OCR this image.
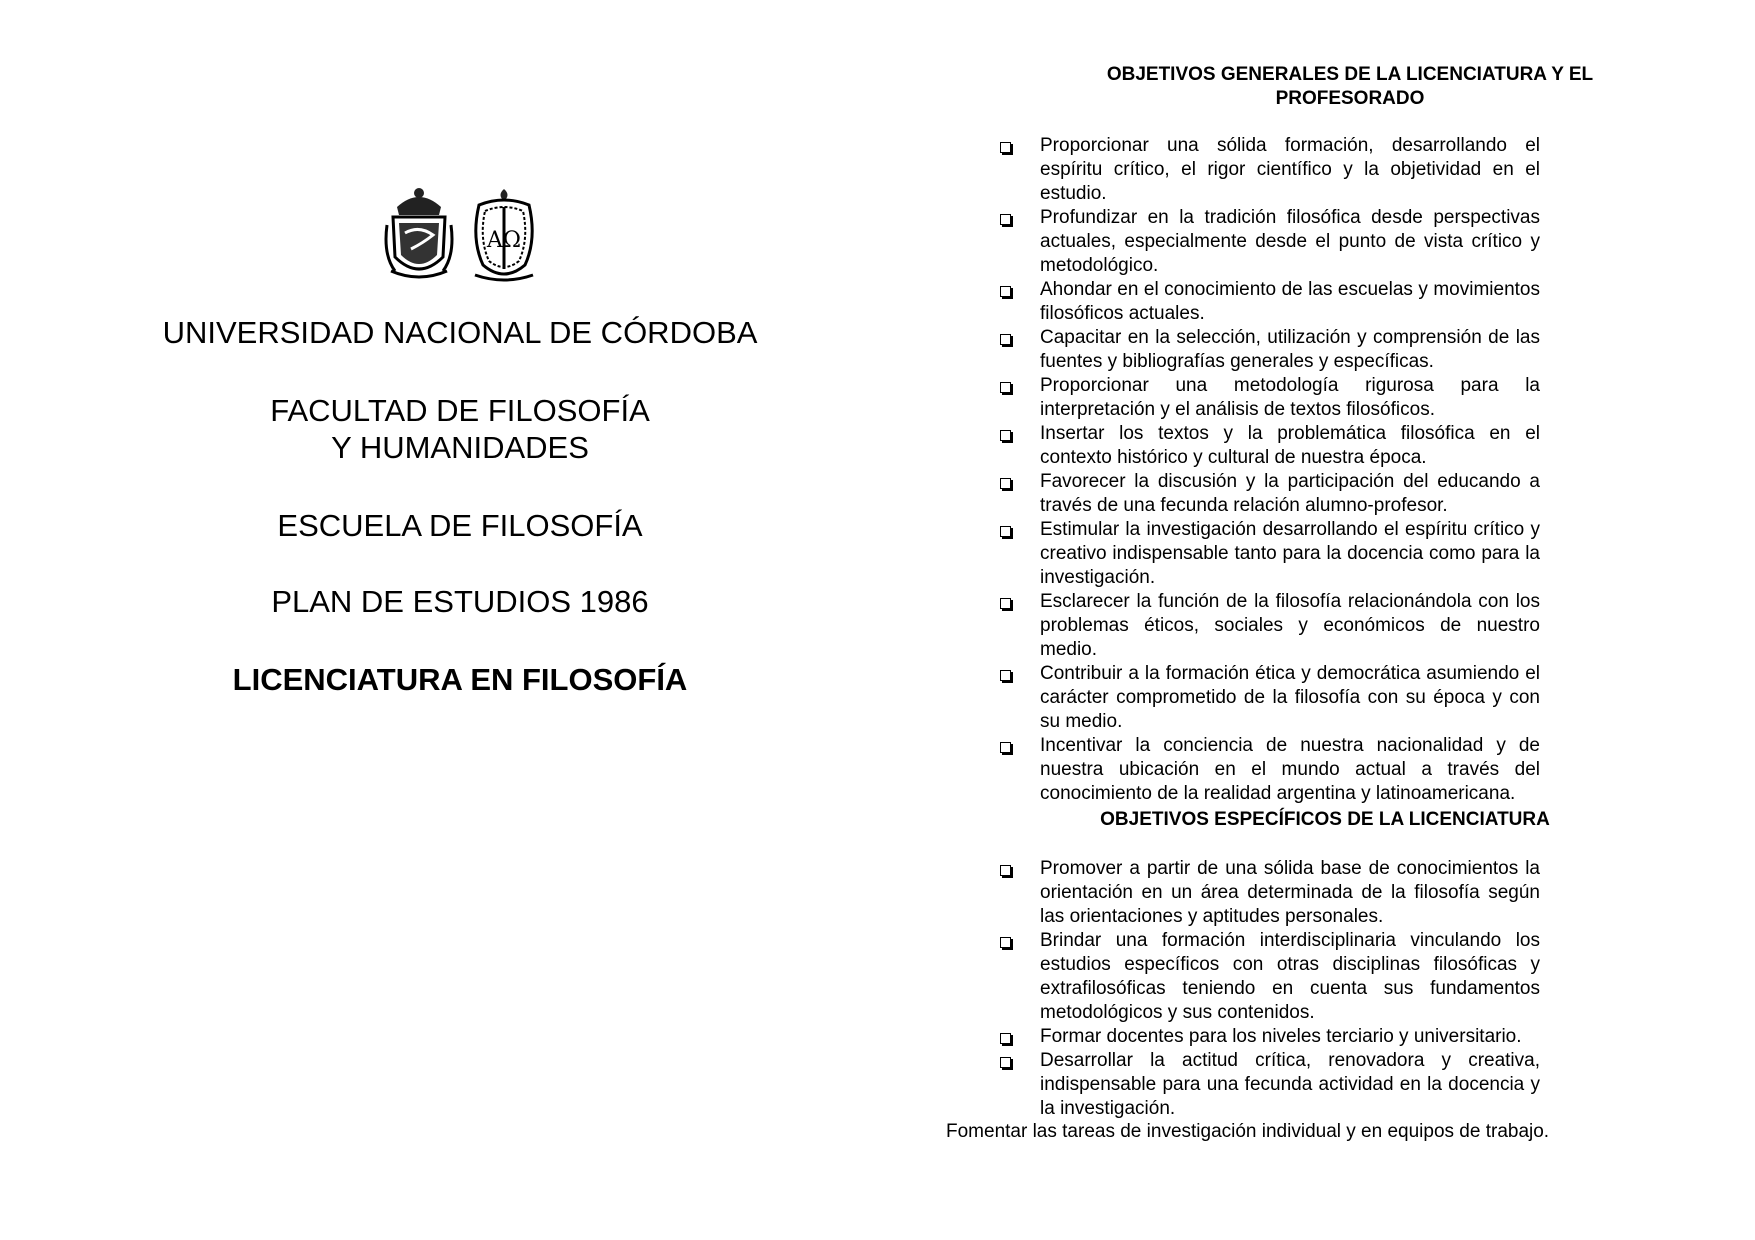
AΩ
UNIVERSIDAD NACIONAL DE CÓRDOBA
FACULTAD DE FILOSOFÍA
Y HUMANIDADES
ESCUELA DE FILOSOFÍA
PLAN DE ESTUDIOS 1986
LICENCIATURA EN FILOSOFÍA
OBJETIVOS GENERALES DE LA LICENCIATURA Y EL
PROFESORADO
Proporcionar una sólida formación, desarrollando el espíritu crítico, el rigor científico y la objetividad en el estudio.
Profundizar en la tradición filosófica desde perspectivas actuales, especialmente desde el punto de vista crítico y metodológico.
Ahondar en el conocimiento de las escuelas y movimientos filosóficos actuales.
Capacitar en la selección, utilización y comprensión de las fuentes y bibliografías generales y específicas.
Proporcionar una metodología rigurosa para la interpretación y el análisis de textos filosóficos.
Insertar los textos y la problemática filosófica en el contexto histórico y cultural de nuestra época.
Favorecer la discusión y la participación del educando a través de una fecunda relación alumno-profesor.
Estimular la investigación desarrollando el espíritu crítico y creativo indispensable tanto para la docencia como para la investigación.
Esclarecer la función de la filosofía relacionándola con los problemas éticos, sociales y económicos de nuestro medio.
Contribuir a la formación ética y democrática asumiendo el carácter comprometido de la filosofía con su época y con su medio.
Incentivar la conciencia de nuestra nacionalidad y de nuestra ubicación en el mundo actual a través del conocimiento de la realidad argentina y latinoamericana.
OBJETIVOS ESPECÍFICOS DE LA LICENCIATURA
Promover a partir de una sólida base de conocimientos la orientación en un área determinada de la filosofía según las orientaciones y aptitudes personales.
Brindar una formación interdisciplinaria vinculando los estudios específicos con otras disciplinas filosóficas y extrafilosóficas teniendo en cuenta sus fundamentos metodológicos y sus contenidos.
Formar docentes para los niveles terciario y universitario.
Desarrollar la actitud crítica, renovadora y creativa, indispensable para una fecunda actividad en la docencia y la investigación.
Fomentar las tareas de investigación individual y en equipos de trabajo.
